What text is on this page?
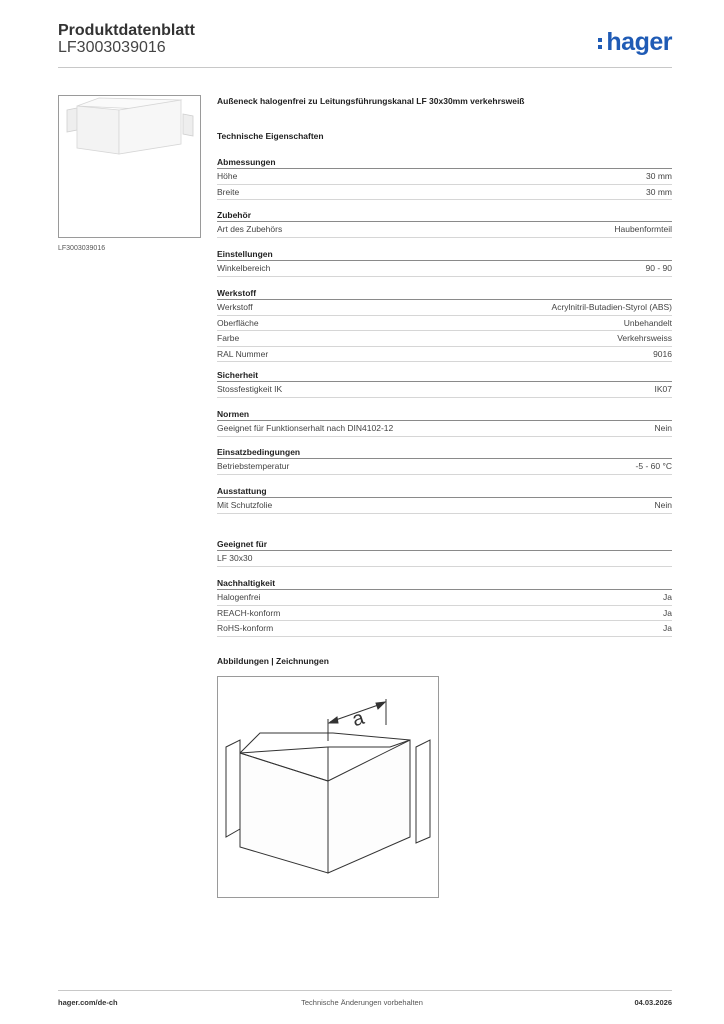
Produktdatenblatt
LF3003039016	hager
LF3003039016
Außeneck halogenfrei zu Leitungsführungskanal LF 30x30mm verkehrsweiß
Technische Eigenschaften
Abmessungen
Höhe	30 mm
Breite	30 mm
Zubehör
Art des Zubehörs	Haubenformteil
Einstellungen
Winkelbereich	90 - 90
Werkstoff
Werkstoff	Acrylnitril-Butadien-Styrol (ABS)
Oberfläche	Unbehandelt
Farbe	Verkehrsweiss
RAL Nummer	9016
Sicherheit
Stossfestigkeit IK	IK07
Normen
Geeignet für Funktionserhalt nach DIN4102-12	Nein
Einsatzbedingungen
Betriebstemperatur	-5 - 60 °C
Ausstattung
Mit Schutzfolie	Nein
Geeignet für
LF 30x30
Nachhaltigkeit
Halogenfrei	Ja
REACH-konform	Ja
RoHS-konform	Ja
Abbildungen | Zeichnungen
a
Technische Änderungen vorbehalten
hager.com/de-ch	04.03.2026
